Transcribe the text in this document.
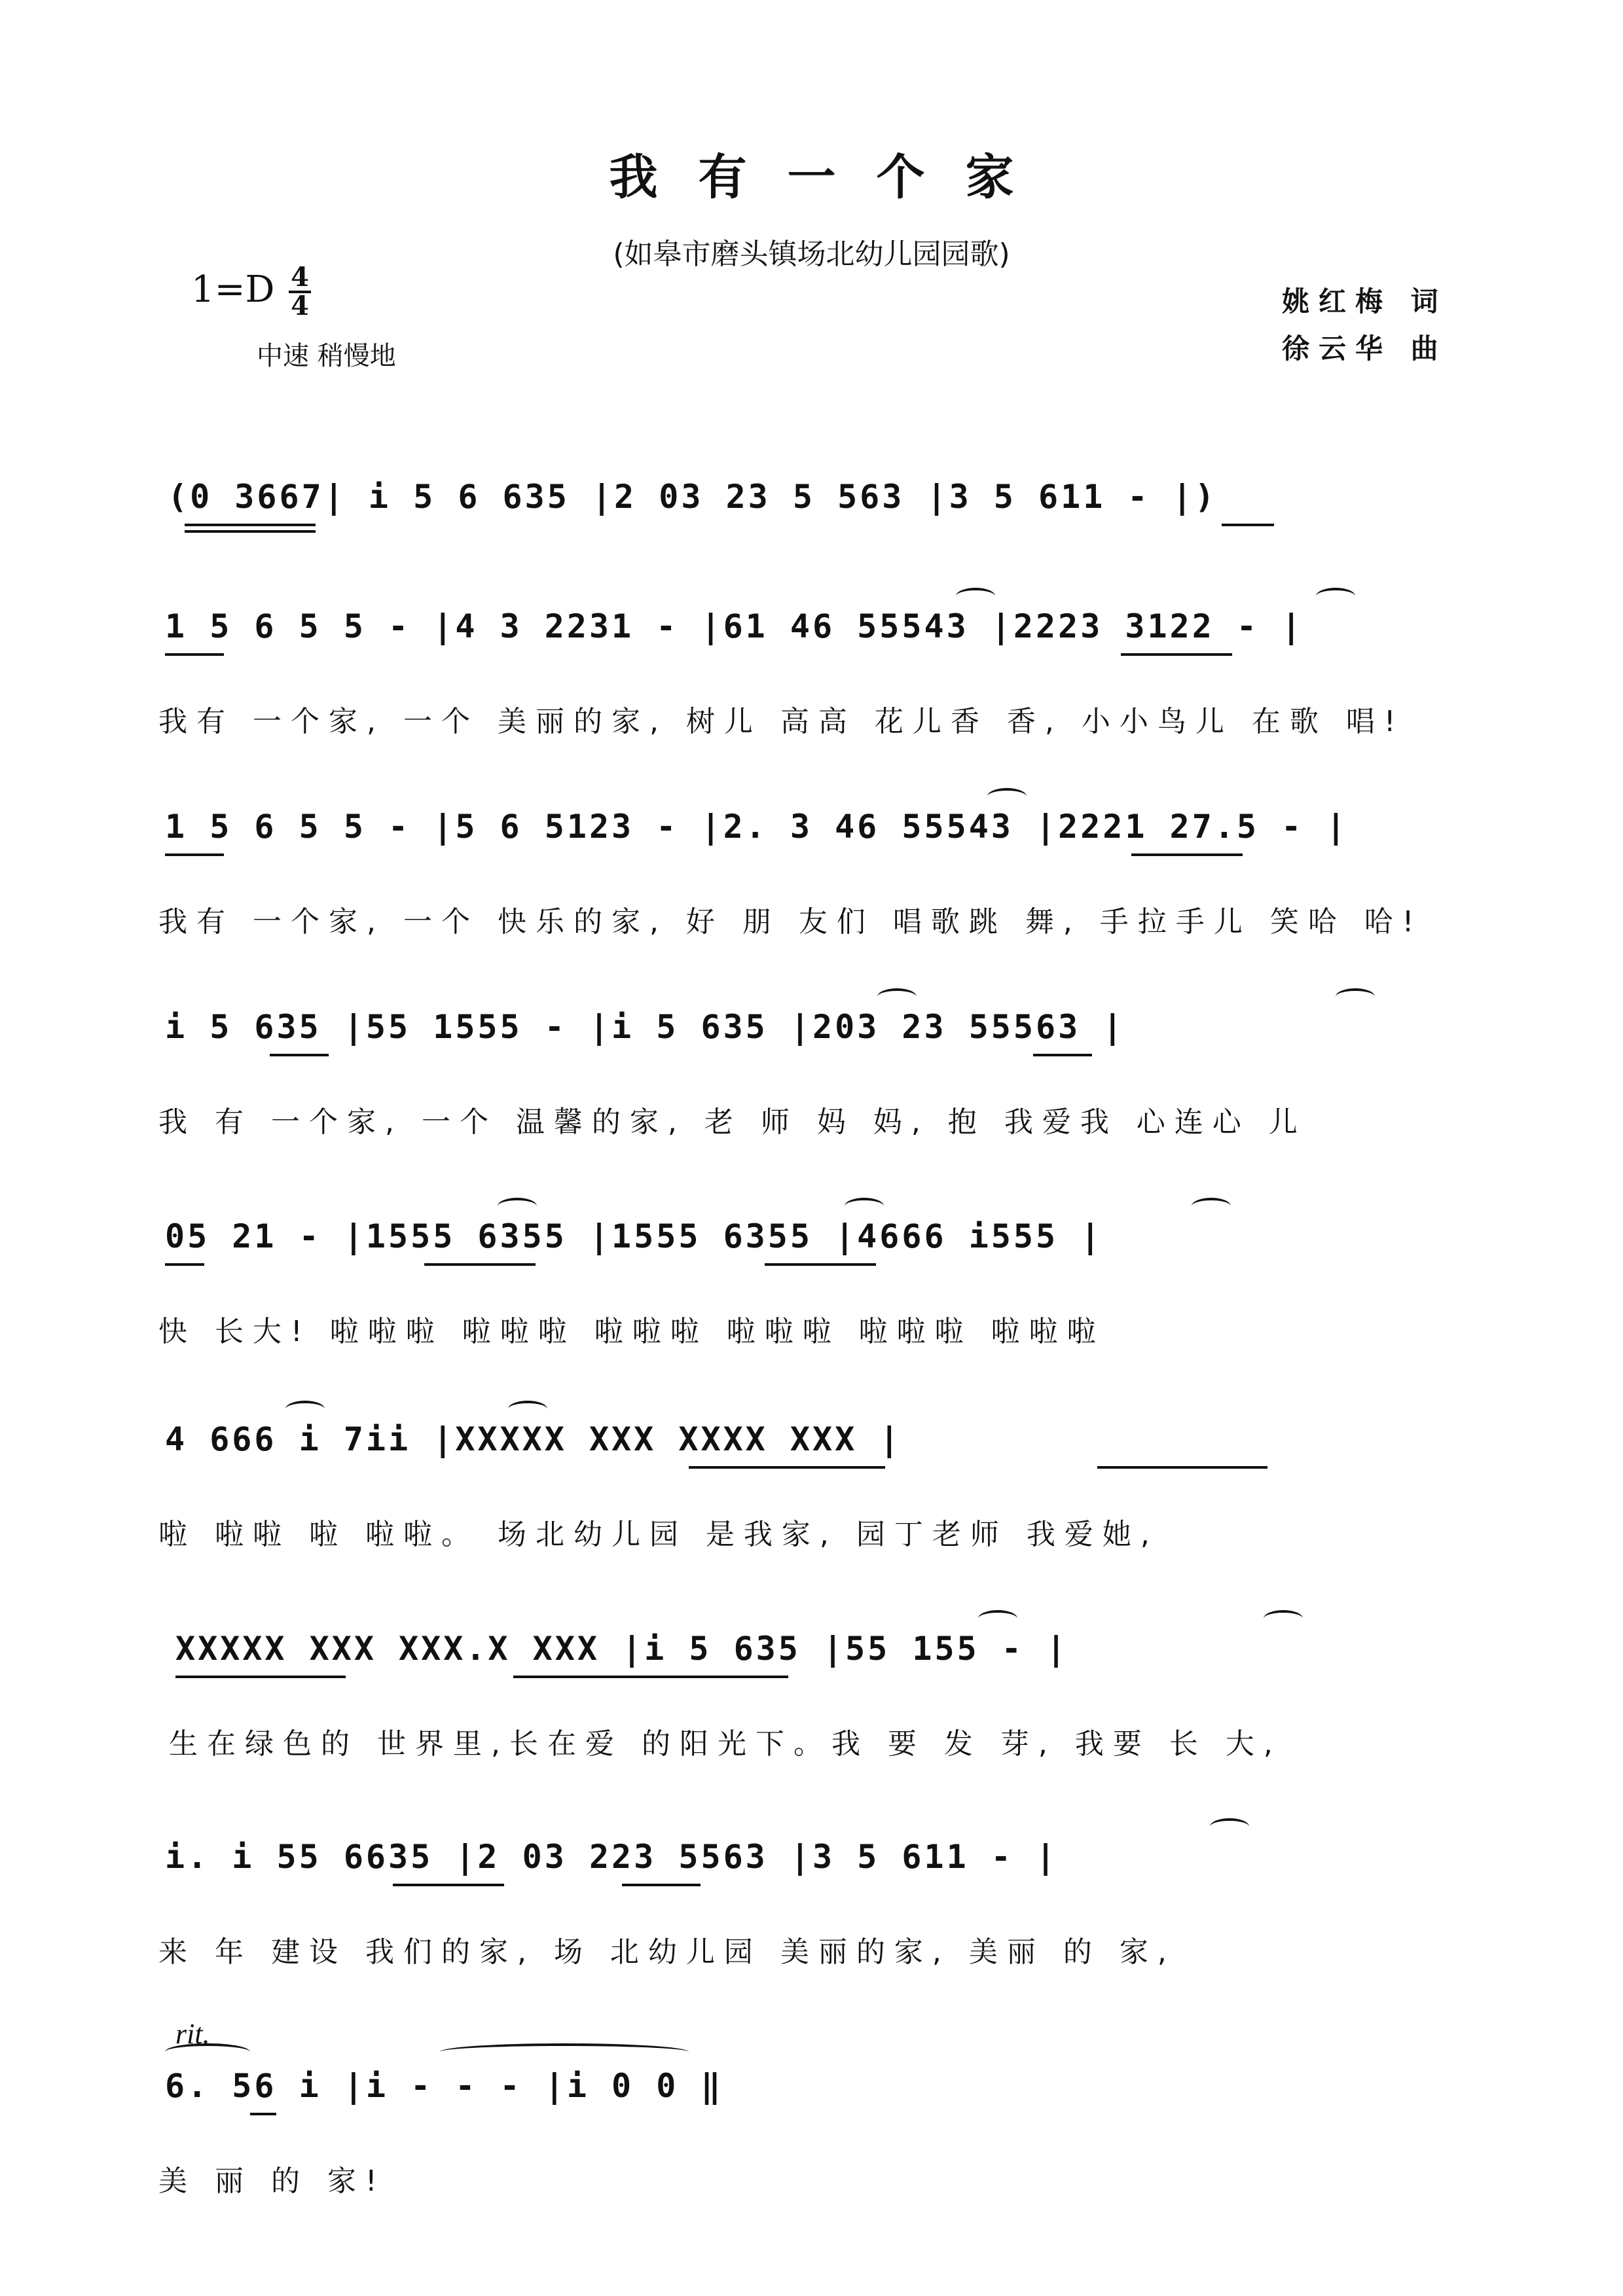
我有一个家
(如皋市磨头镇场北幼儿园园歌)
1=D 4
4
中速 稍慢地
姚红梅 词
徐云华 曲
rit.
(0 3667| i 5 6 635 |2 03 23 5 563 |3 5 611 - |)
1 5 6 5 5 - |4 3 2231 - |61 46 55543 |2223 3122 - |
我有 一个家, 一个 美丽的家, 树儿 高高 花儿香 香, 小小鸟儿 在歌 唱!
1 5 6 5 5 - |5 6 5123 - |2. 3 46 55543 |2221 27.5 - |
我有 一个家, 一个 快乐的家, 好 朋 友们 唱歌跳 舞, 手拉手儿 笑哈 哈!
i 5 635 |55 1555 - |i 5 635 |203 23 55563 |
我 有 一个家, 一个 温馨的家, 老 师 妈 妈, 抱 我爱我 心连心 儿
05 21 - |1555 6355 |1555 6355 |4666 i555 |
快 长大! 啦啦啦 啦啦啦 啦啦啦 啦啦啦 啦啦啦 啦啦啦
4 666 i 7ii |XXXXX XXX XXXX XXX |
啦 啦啦 啦 啦啦。 场北幼儿园 是我家, 园丁老师 我爱她,
XXXXX XXX XXX.X XXX |i 5 635 |55 155 - |
生在绿色的 世界里,长在爱 的阳光下。我 要 发 芽, 我要 长 大,
i. i 55 6635 |2 03 223 5563 |3 5 611 - |
来 年 建设 我们的家, 场 北幼儿园 美丽的家, 美丽 的 家,
6. 56 i |i - - - |i 0 0 ‖
美 丽 的 家!
